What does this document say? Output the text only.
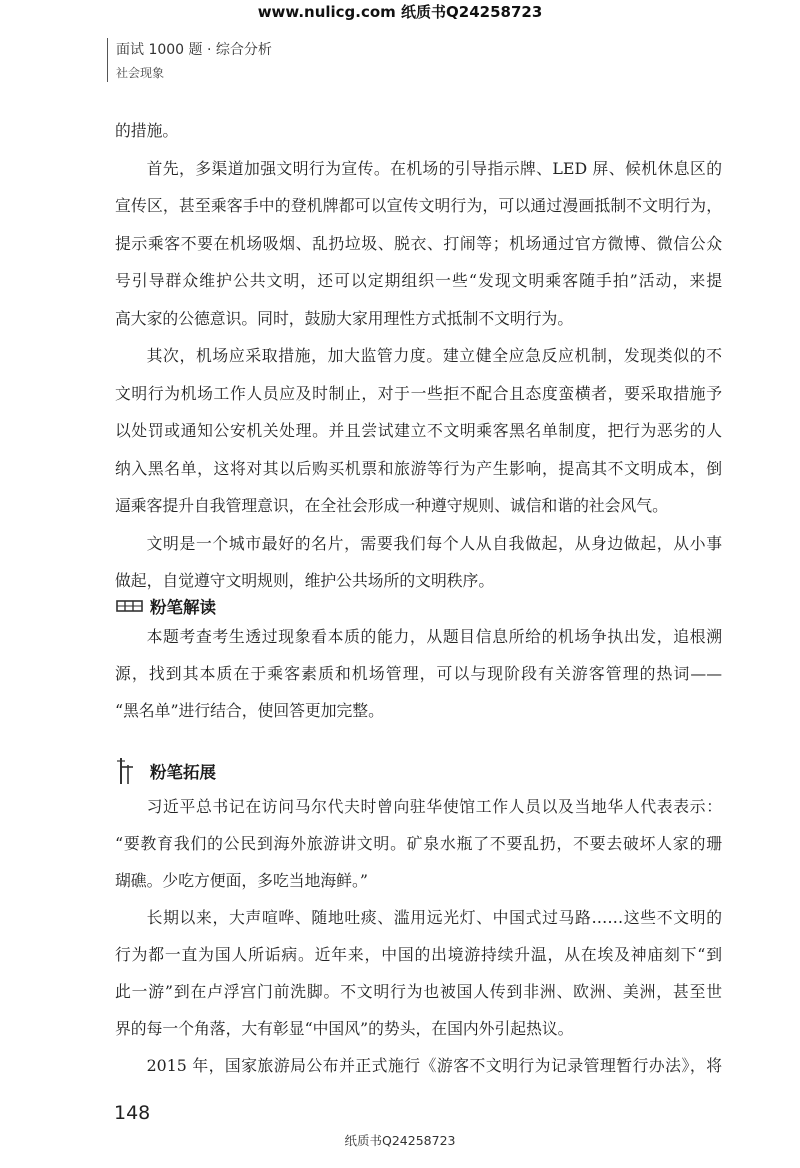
www.nulicg.com 纸质书Q24258723
面试 1000 题 · 综合分析
社会现象
的措施。
首先，多渠道加强文明行为宣传。在机场的引导指示牌、LED 屏、候机休息区的
宣传区，甚至乘客手中的登机牌都可以宣传文明行为，可以通过漫画抵制不文明行为，
提示乘客不要在机场吸烟、乱扔垃圾、脱衣、打闹等；机场通过官方微博、微信公众
号引导群众维护公共文明，还可以定期组织一些“发现文明乘客随手拍”活动，来提
高大家的公德意识。同时，鼓励大家用理性方式抵制不文明行为。
其次，机场应采取措施，加大监管力度。建立健全应急反应机制，发现类似的不
文明行为机场工作人员应及时制止，对于一些拒不配合且态度蛮横者，要采取措施予
以处罚或通知公安机关处理。并且尝试建立不文明乘客黑名单制度，把行为恶劣的人
纳入黑名单，这将对其以后购买机票和旅游等行为产生影响，提高其不文明成本，倒
逼乘客提升自我管理意识，在全社会形成一种遵守规则、诚信和谐的社会风气。
文明是一个城市最好的名片，需要我们每个人从自我做起，从身边做起，从小事
做起，自觉遵守文明规则，维护公共场所的文明秩序。
粉笔解读
本题考查考生透过现象看本质的能力，从题目信息所给的机场争执出发，追根溯
源，找到其本质在于乘客素质和机场管理，可以与现阶段有关游客管理的热词——
“黑名单”进行结合，使回答更加完整。
粉笔拓展
习近平总书记在访问马尔代夫时曾向驻华使馆工作人员以及当地华人代表表示：
“要教育我们的公民到海外旅游讲文明。矿泉水瓶了不要乱扔，不要去破坏人家的珊
瑚礁。少吃方便面，多吃当地海鲜。”
长期以来，大声喧哗、随地吐痰、滥用远光灯、中国式过马路……这些不文明的
行为都一直为国人所诟病。近年来，中国的出境游持续升温，从在埃及神庙刻下“到
此一游”到在卢浮宫门前洗脚。不文明行为也被国人传到非洲、欧洲、美洲，甚至世
界的每一个角落，大有彰显“中国风”的势头，在国内外引起热议。
2015 年，国家旅游局公布并正式施行《游客不文明行为记录管理暂行办法》，将
148
纸质书Q24258723
